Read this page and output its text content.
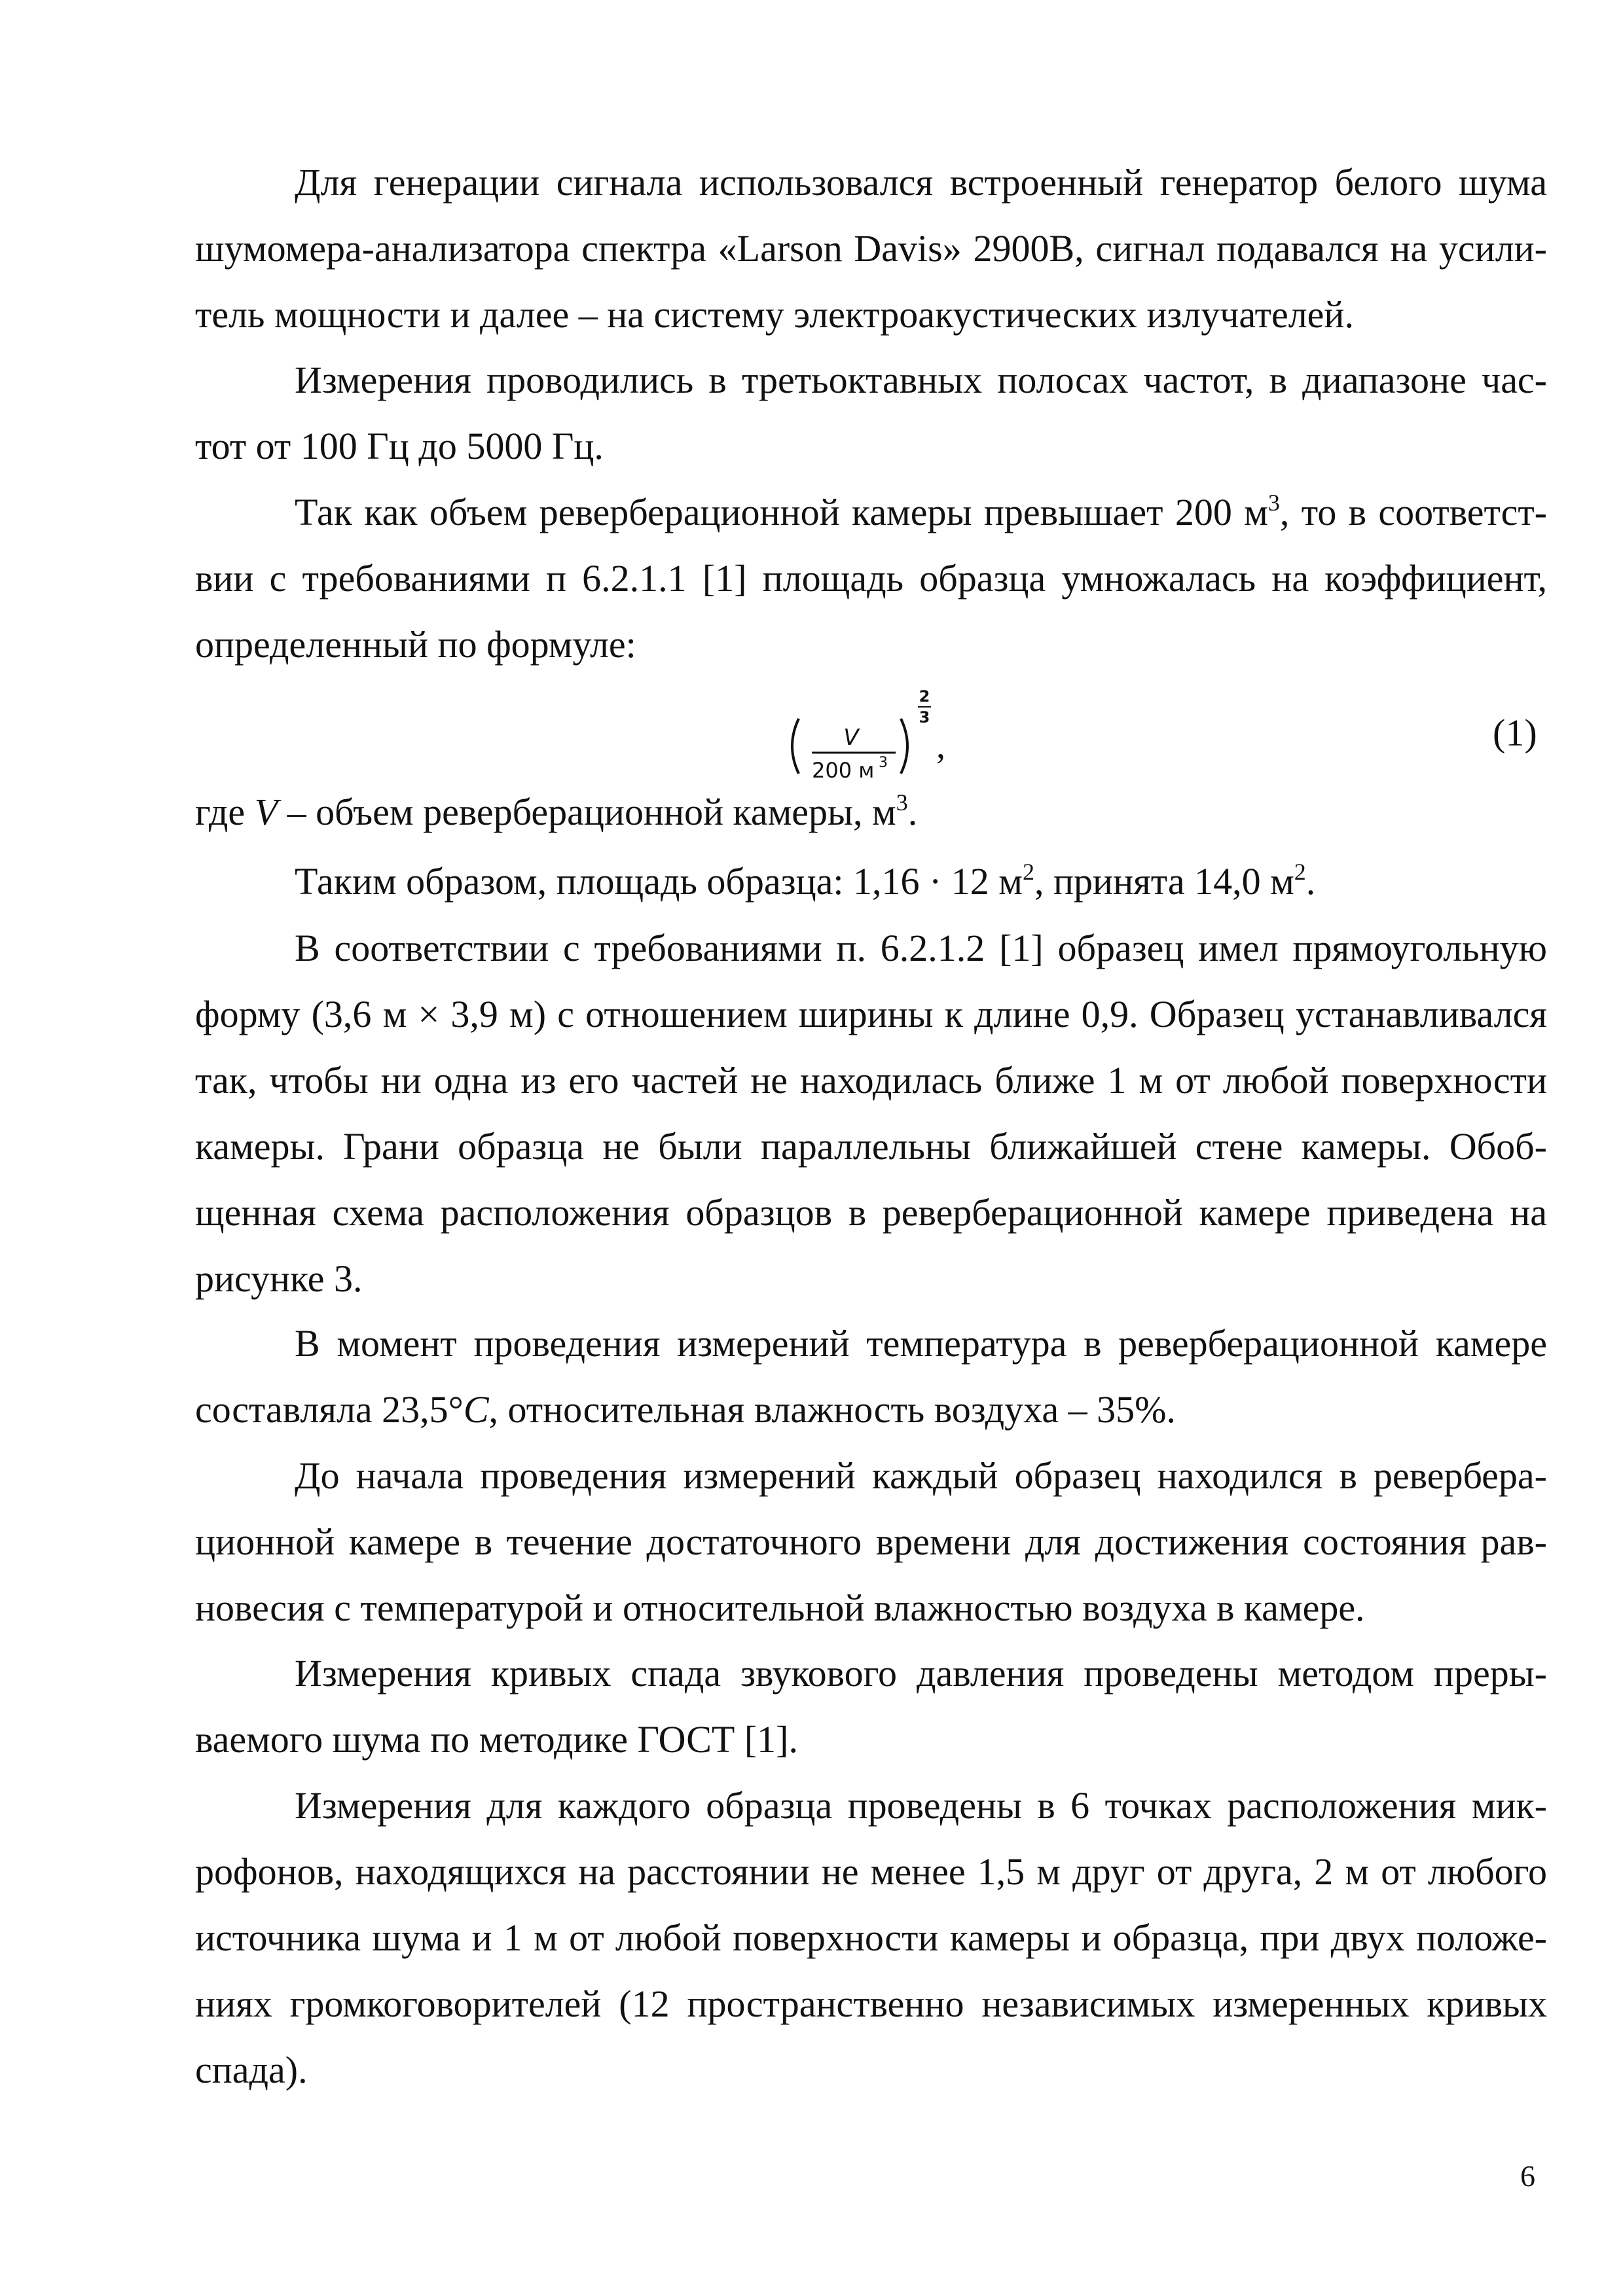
Для генерации сигнала использовался встроенный генератор белого шума
шумомера-анализатора спектра «Larson Davis» 2900B, сигнал подавался на усили-
тель мощности и далее – на систему электроакустических излучателей.
Измерения проводились в третьоктавных полосах частот, в диапазоне час-
тот от 100 Гц до 5000 Гц.
Так как объем реверберационной камеры превышает 200 $м^3$, то в соответст-
вии с требованиями п 6.2.1.1 [1] площадь образца умножалась на коэффициент,
определенный по формуле:
V
200 м 3
2
3
,	(1)
где V – объем реверберационной камеры, $м^3$.
Таким образом, площадь образца: 1,16 · 12 $м^2$, принята 14,0 $м^2$.
В соответствии с требованиями п. 6.2.1.2 [1] образец имел прямоугольную
форму (3,6 м × 3,9 м) с отношением ширины к длине 0,9. Образец устанавливался
так, чтобы ни одна из его частей не находилась ближе 1 м от любой поверхности
камеры. Грани образца не были параллельны ближайшей стене камеры. Обоб-
щенная схема расположения образцов в реверберационной камере приведена на
рисунке 3.
В момент проведения измерений температура в реверберационной камере
составляла 23,5°C, относительная влажность воздуха – 35%.
До начала проведения измерений каждый образец находился в ревербера-
ционной камере в течение достаточного времени для достижения состояния рав-
новесия с температурой и относительной влажностью воздуха в камере.
Измерения кривых спада звукового давления проведены методом преры-
ваемого шума по методике ГОСТ [1].
Измерения для каждого образца проведены в 6 точках расположения мик-
рофонов, находящихся на расстоянии не менее 1,5 м друг от друга, 2 м от любого
источника шума и 1 м от любой поверхности камеры и образца, при двух положе-
ниях громкоговорителей (12 пространственно независимых измеренных кривых
спада).
6
